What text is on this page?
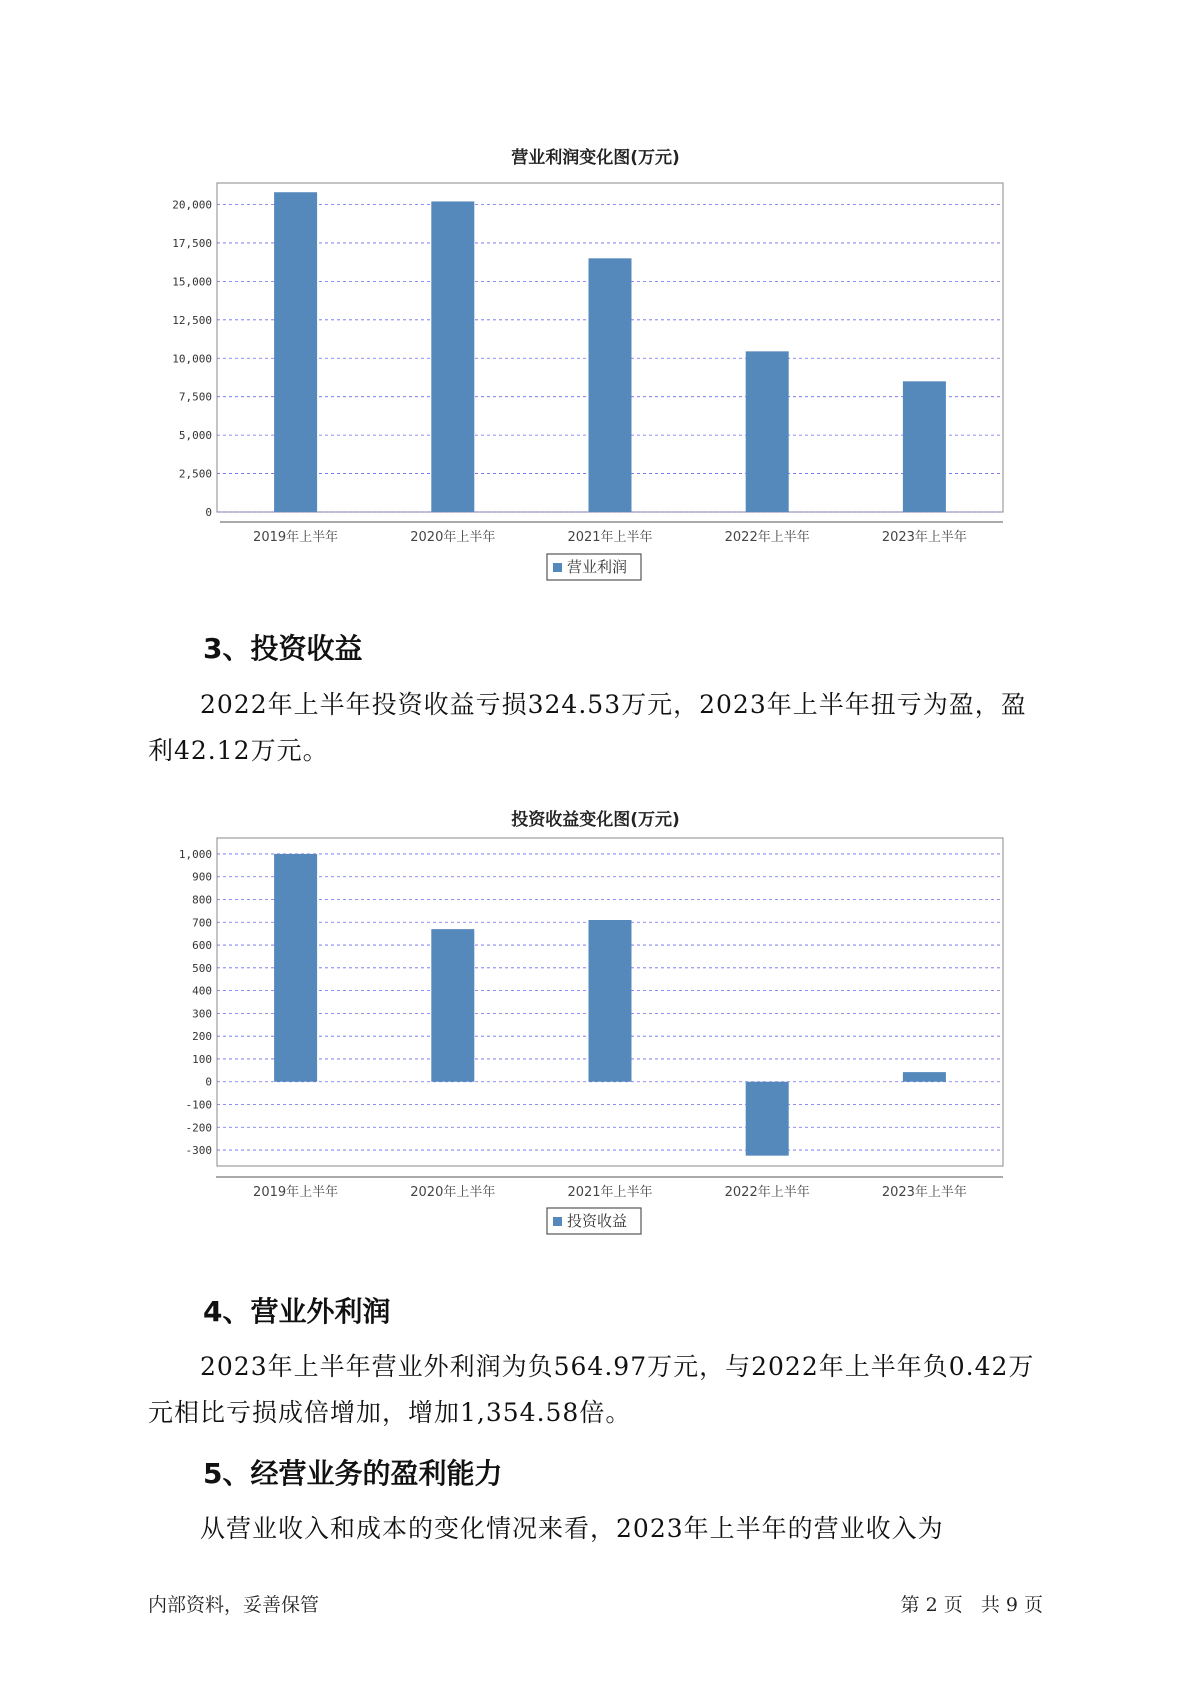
营业利润变化图(万元)
0
2,500
5,000
7,500
10,000
12,500
15,000
17,500
20,000
2019年上半年	2020年上半年	2021年上半年	2022年上半年	2023年上半年
营业利润
3、投资收益
2022年上半年投资收益亏损324.53万元，2023年上半年扭亏为盈，盈
利42.12万元。
投资收益变化图(万元)
-300
-200
-100
0
100
200
300
400
500
600
700
800
900
1,000
2019年上半年	2020年上半年	2021年上半年	2022年上半年	2023年上半年
投资收益
4、营业外利润
2023年上半年营业外利润为负564.97万元，与2022年上半年负0.42万
元相比亏损成倍增加，增加1,354.58倍。
5、经营业务的盈利能力
从营业收入和成本的变化情况来看，2023年上半年的营业收入为
内部资料，妥善保管	第 2 页   共 9 页
